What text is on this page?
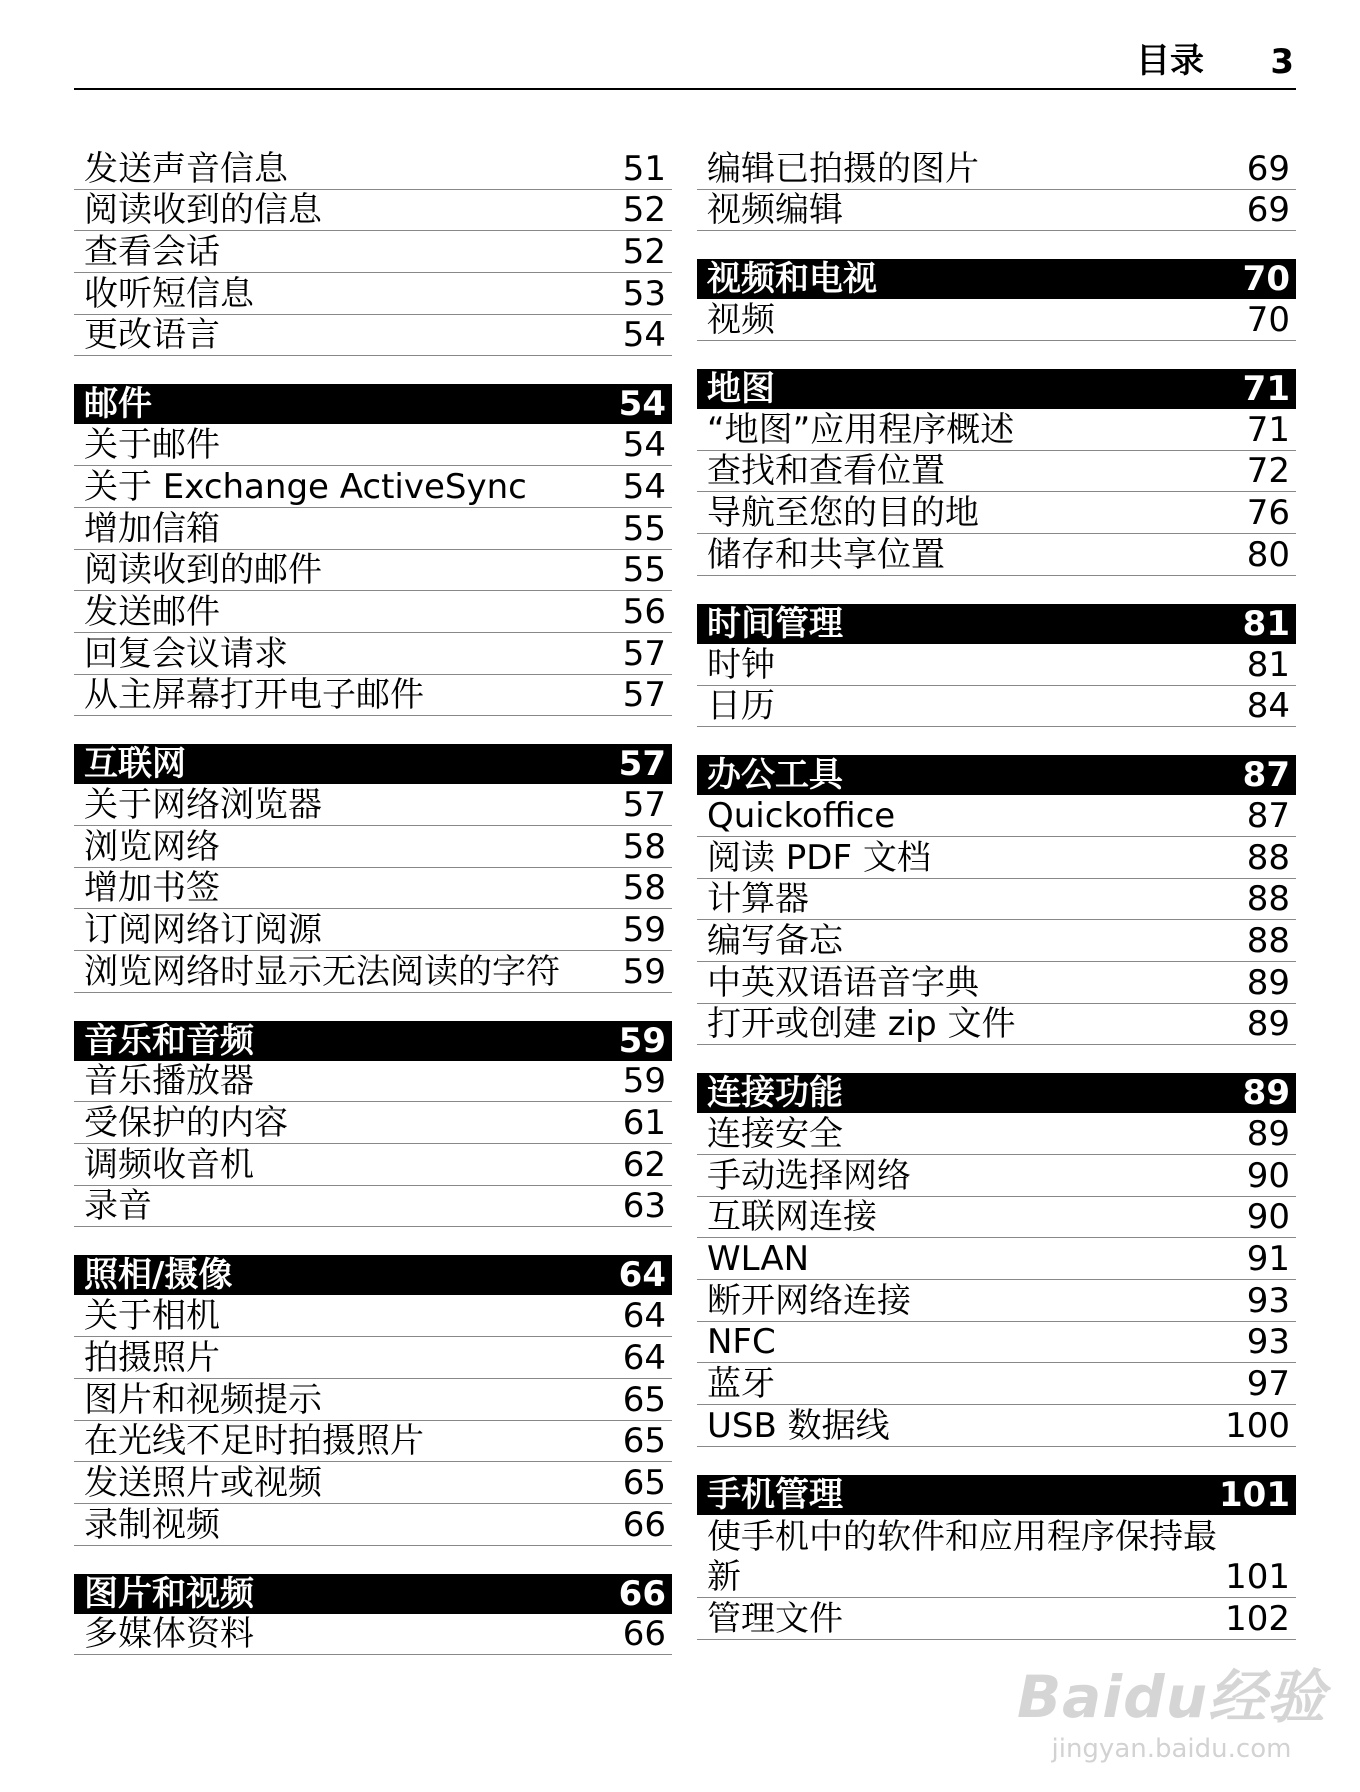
目录 3
发送声音信息	51
阅读收到的信息	52
查看会话	52
收听短信息	53
更改语言	54
邮件	54
关于邮件	54
关于 Exchange ActiveSync	54
增加信箱	55
阅读收到的邮件	55
发送邮件	56
回复会议请求	57
从主屏幕打开电子邮件	57
互联网	57
关于网络浏览器	57
浏览网络	58
增加书签	58
订阅网络订阅源	59
浏览网络时显示无法阅读的字符 59
音乐和音频	59
音乐播放器	59
受保护的内容	61
调频收音机	62
录音	63
照相/摄像	64
关于相机	64
拍摄照片	64
图片和视频提示	65
在光线不足时拍摄照片	65
发送照片或视频	65
录制视频	66
图片和视频	66
多媒体资料	66
编辑已拍摄的图片	69
视频编辑	69
视频和电视	70
视频	70
地图	71
“地图”应用程序概述	71
查找和查看位置	72
导航至您的目的地	76
储存和共享位置	80
时间管理	81
时钟	81
日历	84
办公工具	87
Quickoffice	87
阅读 PDF 文档	88
计算器	88
编写备忘	88
中英双语语音字典	89
打开或创建 zip 文件	89
连接功能	89
连接安全	89
手动选择网络	90
互联网连接	90
WLAN	91
断开网络连接	93
NFC	93
蓝牙	97
USB 数据线	100
手机管理	101
使手机中的软件和应用程序保持最新	101
管理文件	102
Baidu经验
jingyan.baidu.com
